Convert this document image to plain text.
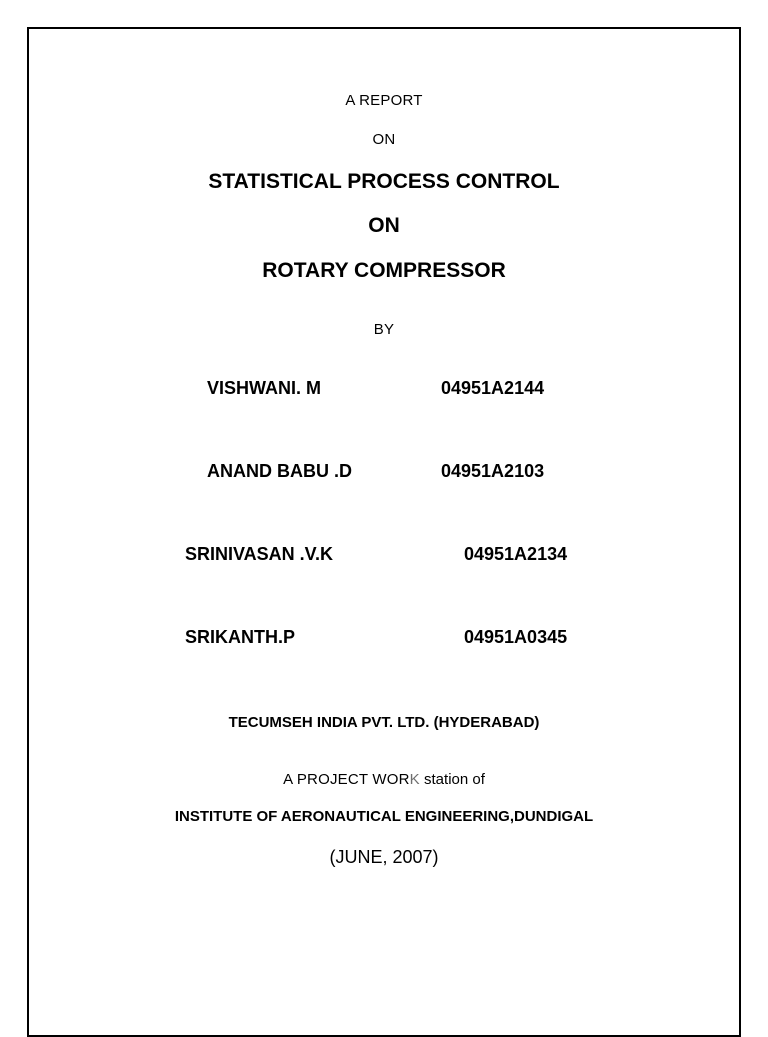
A REPORT
ON
STATISTICAL PROCESS CONTROL
ON
ROTARY COMPRESSOR
BY
VISHWANI. M	04951A2144
ANAND BABU .D	04951A2103
SRINIVASAN .V.K	04951A2134
SRIKANTH.P	04951A0345
TECUMSEH INDIA PVT. LTD. (HYDERABAD)
A PROJECT WORK station of
INSTITUTE OF AERONAUTICAL ENGINEERING,DUNDIGAL
(JUNE, 2007)
